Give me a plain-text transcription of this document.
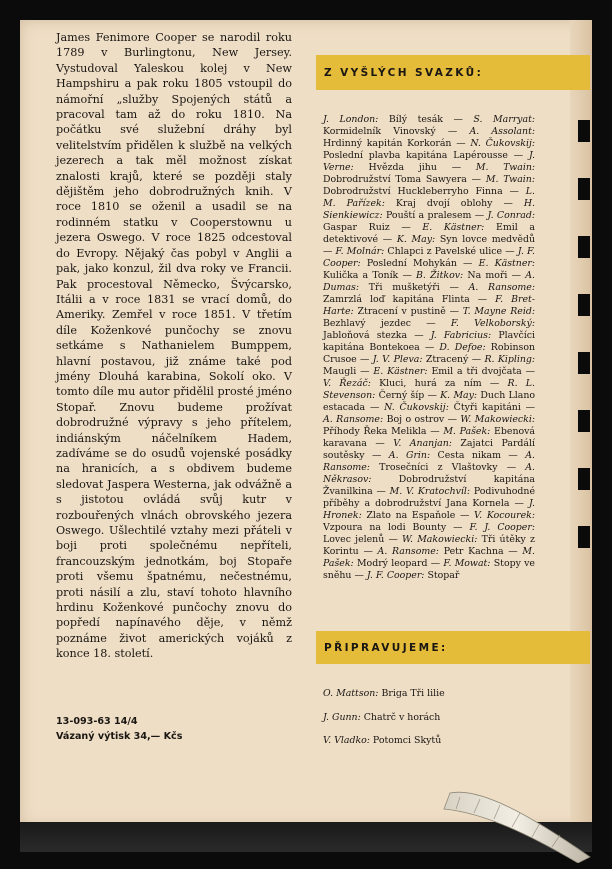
James Fenimore Cooper se narodil roku 1789 v Burlingtonu, New Jersey. Vystudoval Yaleskou kolej v New Hampshiru a pak roku 1805 vstoupil do námořní „služby Spojených států a pracoval tam až do roku 1810. Na počátku své služební dráhy byl velitelstvím přidělen k službě na velkých jezerech a tak měl možnost získat znalosti krajů, které se později staly dějištěm jeho dobrodružných knih. V roce 1810 se oženil a usadil se na rodinném statku v Cooperstownu u jezera Oswego. V roce 1825 odcestoval do Evropy. Nějaký čas pobyl v Anglii a pak, jako konzul, žil dva roky ve Francii. Pak procestoval Německo, Švýcarsko, Itálii a v roce 1831 se vrací domů, do Ameriky. Zemřel v roce 1851. V třetím díle Koženkové punčochy se znovu setkáme s Nathanielem Bumppem, hlavní postavou, již známe také pod jmény Dlouhá karabina, Sokolí oko. V tomto díle mu autor přidělil prosté jméno Stopař. Znovu budeme prožívat dobrodružné výpravy s jeho přítelem, indiánským náčelníkem Hadem, zadíváme se do osudů vojenské posádky na hranicích, a s obdivem budeme sledovat Jaspera Westerna, jak odvážně a s jistotou ovládá svůj kutr v rozbouřených vlnách obrovského jezera Oswego. Ušlechtilé vztahy mezi přáteli v boji proti společnému nepříteli, francouzským jednotkám, boj Stopaře proti všemu špatnému, nečestnému, proti násilí a zlu, staví tohoto hlavního hrdinu Koženkové punčochy znovu do popředí napínavého děje, v němž poznáme život amerických vojáků z konce 18. století.

13-093-63 14/4
Vázaný výtisk 34,— Kčs
Z VYŠLÝCH SVAZKŮ:

J. London: Bílý tesák — S. Marryat: Kormidelník Vinovský — A. Assolant: Hrdinný kapitán Korkorán — N. Čukovskij: Poslední plavba kapitána Lapérousse — J. Verne: Hvězda jihu — M. Twain: Dobrodružství Toma Sawyera — M. Twain: Dobrodružství Huckleberryho Finna — L. M. Pařízek: Kraj dvojí oblohy — H. Sienkiewicz: Pouští a pralesem — J. Conrad: Gaspar Ruiz — E. Kästner: Emil a detektivové — K. May: Syn lovce medvědů — F. Molnár: Chlapci z Pavelské ulice — J. F. Cooper: Poslední Mohykán — E. Kästner: Kulička a Toník — B. Žitkov: Na moři — A. Dumas: Tři mušketýři — A. Ransome: Zamrzlá loď kapitána Flinta — F. Bret-Harte: Ztracení v pustině — T. Mayne Reid: Bezhlavý jezdec — F. Velkoborský: Jabloňová stezka — J. Fabricius: Plavčíci kapitána Bontekoea — D. Defoe: Robinson Crusoe — J. V. Pleva: Ztracený — R. Kipling: Maugli — E. Kästner: Emil a tři dvojčata — V. Řezáč: Kluci, hurá za ním — R. L. Stevenson: Černý šíp — K. May: Duch Llano estacada — N. Čukovskij: Čtyři kapitáni — A. Ransome: Boj o ostrov — W. Makowiecki: Příhody Řeka Melikla — M. Pašek: Ebenová karavana — V. Ananjan: Zajatci Pardálí soutěsky — A. Grin: Cesta nikam — A. Ransome: Trosečníci z Vlaštovky — A. Někrasov:	Dobrodružství kapitána Žvanilkina — M. V. Kratochvíl: Podivuhodné příběhy a dobrodružství Jana Kornela — J. Hronek: Zlato na Espaňole — V. Kocourek: Vzpoura na lodi Bounty — F. J. Cooper: Lovec jelenů — W. Makowiecki: Tři útěky z Korintu — A. Ransome: Petr Kachna — M. Pašek: Modrý leopard — F. Mowat: Stopy ve sněhu — J. F. Cooper: Stopař

PŘIPRAVUJEME:
O. Mattson: Briga Tři lilie
J. Gunn: Chatrč v horách
V. Vladko: Potomci Skytů
